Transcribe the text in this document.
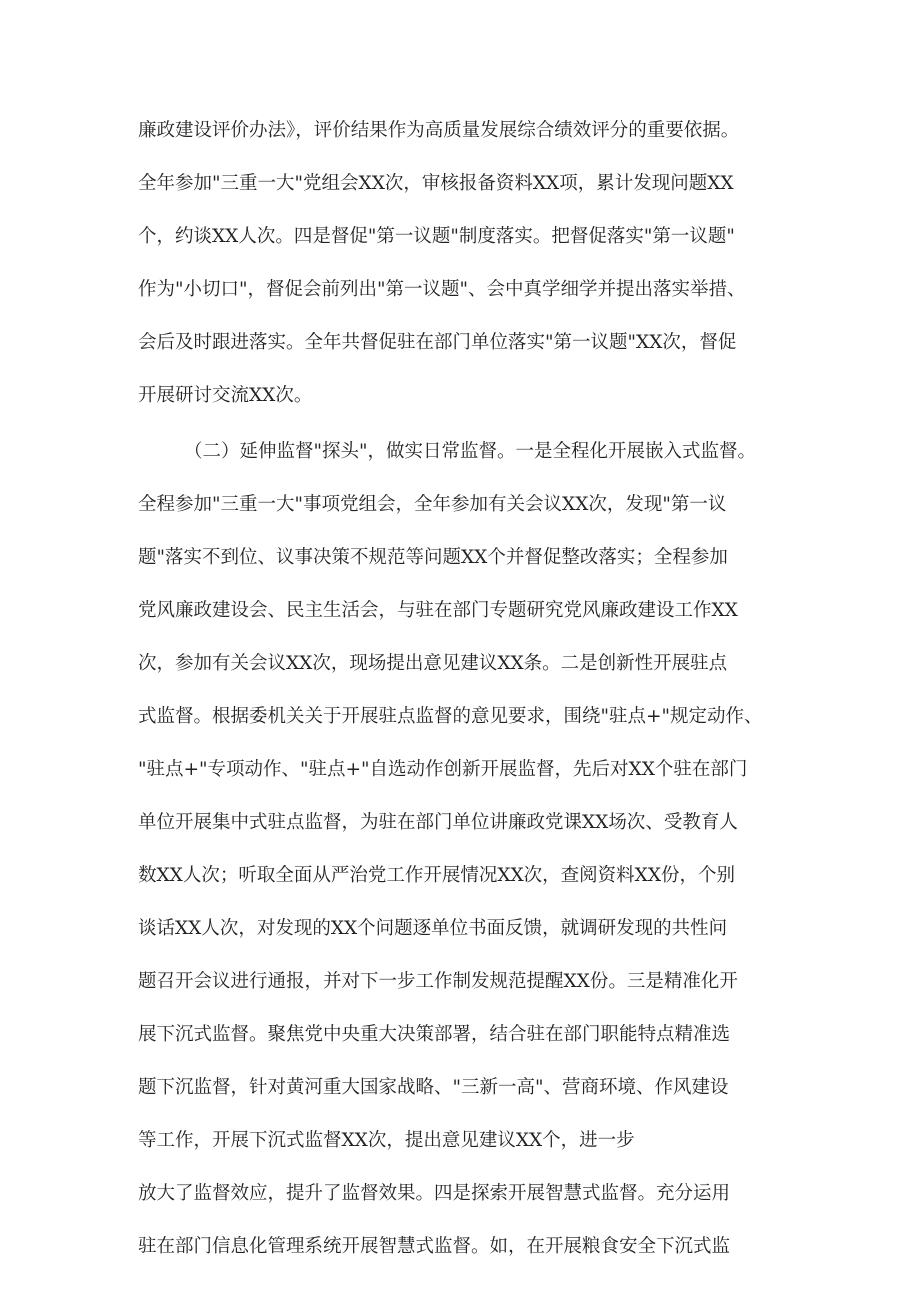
廉政建设评价办法》，评价结果作为高质量发展综合绩效评分的重要依据。
全年参加"三重一大"党组会XX次，审核报备资料XX项，累计发现问题XX
个，约谈XX人次。四是督促"第一议题"制度落实。把督促落实"第一议题"
作为"小切口"，督促会前列出"第一议题"、会中真学细学并提出落实举措、
会后及时跟进落实。全年共督促驻在部门单位落实"第一议题"XX次，督促
开展研讨交流XX次。
（二）延伸监督"探头"，做实日常监督。一是全程化开展嵌入式监督。
全程参加"三重一大"事项党组会，全年参加有关会议XX次，发现"第一议
题"落实不到位、议事决策不规范等问题XX个并督促整改落实；全程参加
党风廉政建设会、民主生活会，与驻在部门专题研究党风廉政建设工作XX
次，参加有关会议XX次，现场提出意见建议XX条。二是创新性开展驻点
式监督。根据委机关关于开展驻点监督的意见要求，围绕"驻点+"规定动作、
"驻点+"专项动作、"驻点+"自选动作创新开展监督，先后对XX个驻在部门
单位开展集中式驻点监督，为驻在部门单位讲廉政党课XX场次、受教育人
数XX人次；听取全面从严治党工作开展情况XX次，查阅资料XX份，个别
谈话XX人次，对发现的XX个问题逐单位书面反馈，就调研发现的共性问
题召开会议进行通报，并对下一步工作制发规范提醒XX份。三是精准化开
展下沉式监督。聚焦党中央重大决策部署，结合驻在部门职能特点精准选
题下沉监督，针对黄河重大国家战略、"三新一高"、营商环境、作风建设
等工作，开展下沉式监督XX次，提出意见建议XX个，进一步
放大了监督效应，提升了监督效果。四是探索开展智慧式监督。充分运用
驻在部门信息化管理系统开展智慧式监督。如，在开展粮食安全下沉式监
